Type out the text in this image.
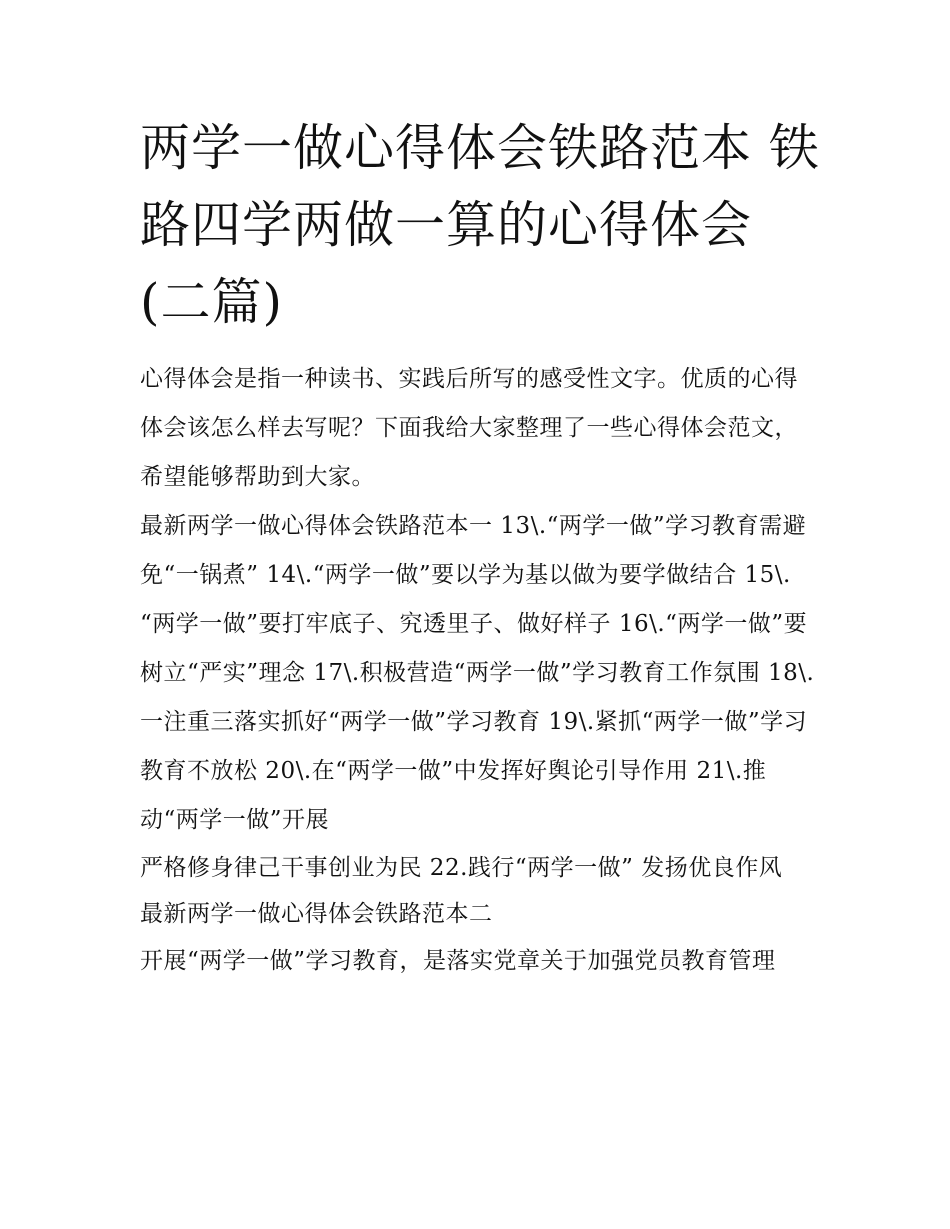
两学一做心得体会铁路范本 铁路四学两做一算的心得体会(二篇)

心得体会是指一种读书、实践后所写的感受性文字。优质的心得体会该怎么样去写呢？下面我给大家整理了一些心得体会范文，希望能够帮助到大家。

最新两学一做心得体会铁路范本一 13\.“两学一做”学习教育需避免“一锅煮” 14\.“两学一做”要以学为基以做为要学做结合 15\.

“两学一做”要打牢底子、究透里子、做好样子 16\.“两学一做”要树立“严实”理念 17\.积极营造“两学一做”学习教育工作氛围 18\.

一注重三落实抓好“两学一做”学习教育 19\.紧抓“两学一做”学习教育不放松 20\.在“两学一做”中发挥好舆论引导作用 21\.推动“两学一做”开展

严格修身律己干事创业为民 22.践行“两学一做” 发扬优良作风

最新两学一做心得体会铁路范本二

开展“两学一做”学习教育，是落实党章关于加强党员教育管理
